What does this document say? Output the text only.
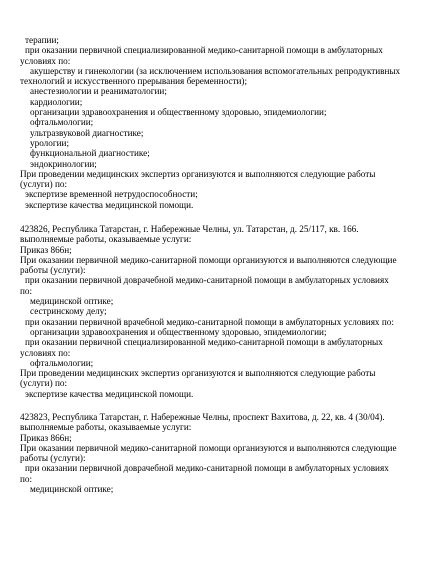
терапии;
при оказании первичной специализированной медико-санитарной помощи в амбулаторных
условиях по:
акушерству и гинекологии (за исключением использования вспомогательных репродуктивных
технологий и искусственного прерывания беременности);
анестезиологии и реаниматологии;
кардиологии;
организации здравоохранения и общественному здоровью, эпидемиологии;
офтальмологии;
ультразвуковой диагностике;
урологии;
функциональной диагностике;
эндокринологии;
При проведении медицинских экспертиз организуются и выполняются следующие работы
(услуги) по:
экспертизе временной нетрудоспособности;
экспертизе качества медицинской помощи.
423826, Республика Татарстан, г. Набережные Челны, ул. Татарстан, д. 25/117, кв. 166.
выполняемые работы, оказываемые услуги:
Приказ 866н;
При оказании первичной медико-санитарной помощи организуются и выполняются следующие
работы (услуги):
при оказании первичной доврачебной медико-санитарной помощи в амбулаторных условиях
по:
медицинской оптике;
сестринскому делу;
при оказании первичной врачебной медико-санитарной помощи в амбулаторных условиях по:
организации здравоохранения и общественному здоровью, эпидемиологии;
при оказании первичной специализированной медико-санитарной помощи в амбулаторных
условиях по:
офтальмологии;
При проведении медицинских экспертиз организуются и выполняются следующие работы
(услуги) по:
экспертизе качества медицинской помощи.
423823, Республика Татарстан, г. Набережные Челны, проспект Вахитова, д. 22, кв. 4 (30/04).
выполняемые работы, оказываемые услуги:
Приказ 866н;
При оказании первичной медико-санитарной помощи организуются и выполняются следующие
работы (услуги):
при оказании первичной доврачебной медико-санитарной помощи в амбулаторных условиях
по:
медицинской оптике;
